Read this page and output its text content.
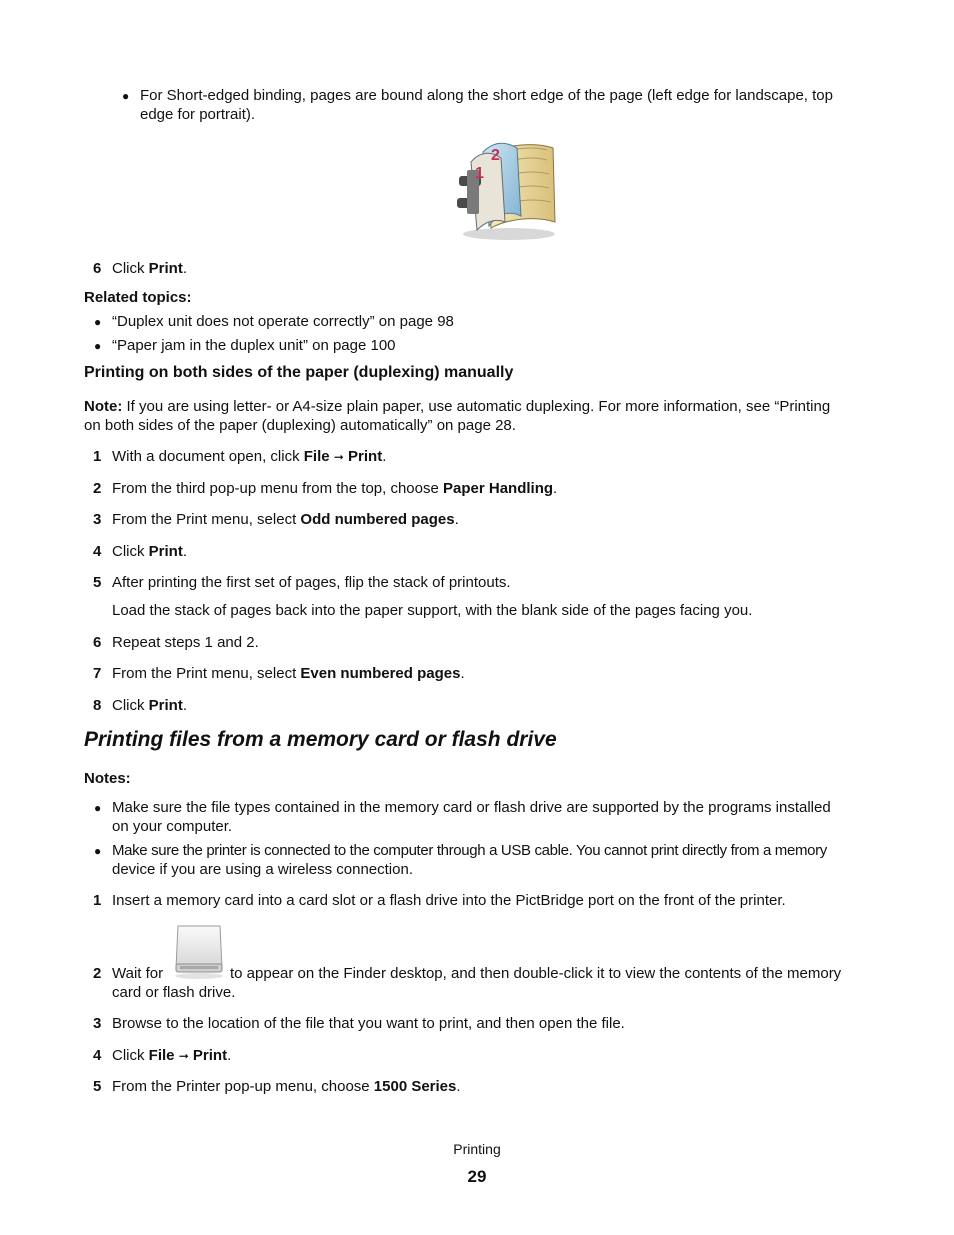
● For Short-edged binding, pages are bound along the short edge of the page (left edge for landscape, top
edge for portrait).
1
2
6 Click Print.
Related topics:
● “Duplex unit does not operate correctly” on page 98
● “Paper jam in the duplex unit” on page 100
Printing on both sides of the paper (duplexing) manually
Note: If you are using letter- or A4-size plain paper, use automatic duplexing. For more information, see “Printing
on both sides of the paper (duplexing) automatically” on page 28.
1 With a document open, click File ➞ Print.
2 From the third pop-up menu from the top, choose Paper Handling.
3 From the Print menu, select Odd numbered pages.
4 Click Print.
5 After printing the first set of pages, flip the stack of printouts.
Load the stack of pages back into the paper support, with the blank side of the pages facing you.
6 Repeat steps 1 and 2.
7 From the Print menu, select Even numbered pages.
8 Click Print.
Printing files from a memory card or flash drive
Notes:
● Make sure the file types contained in the memory card or flash drive are supported by the programs installed
on your computer.
● Make sure the printer is connected to the computer through a USB cable. You cannot print directly from a memory
device if you are using a wireless connection.
1 Insert a memory card into a card slot or a flash drive into the PictBridge port on the front of the printer.
2 Wait for	to appear on the Finder desktop, and then double-click it to view the contents of the memory
card or flash drive.
3 Browse to the location of the file that you want to print, and then open the file.
4 Click File ➞ Print.
5 From the Printer pop-up menu, choose 1500 Series.
Printing
29
